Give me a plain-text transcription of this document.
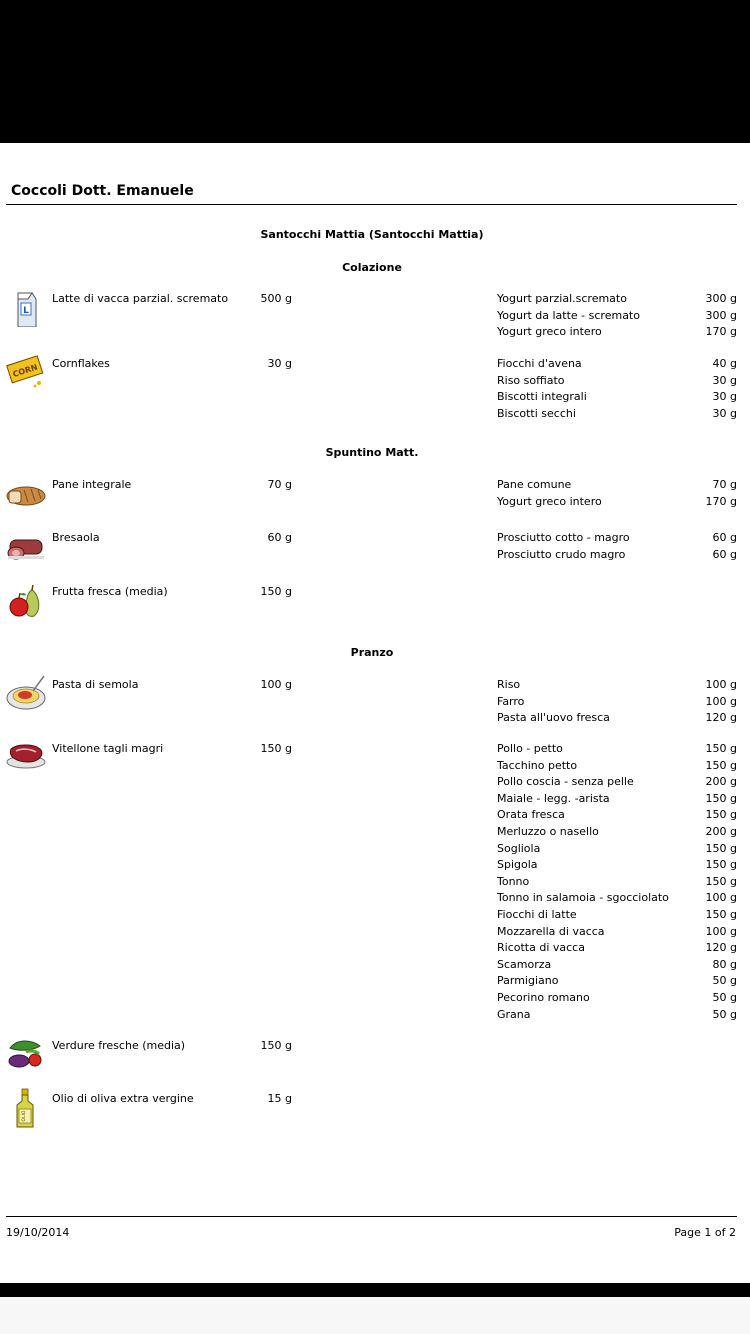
Coccoli Dott. Emanuele
Santocchi Mattia (Santocchi Mattia)
Colazione
Spuntino Matt.
Pranzo
L
Latte di vacca parzial. scremato	500 g	Yogurt parzial.scremato	300 g
Yogurt da latte - scremato	300 g
Yogurt greco intero	170 g
CORN Cornflakes	30 g	Fiocchi d'avena	40 g
Riso soffiato	30 g
Biscotti integrali	30 g
Biscotti secchi	30 g
Pane integrale	70 g	Pane comune	70 g
Yogurt greco intero	170 g
Bresaola	60 g	Prosciutto cotto - magro	60 g
Prosciutto crudo magro	60 g
Frutta fresca (media)	150 g
Pasta di semola	100 g	Riso	100 g
Farro	100 g
Pasta all'uovo fresca	120 g
Vitellone tagli magri	150 g	Pollo - petto	150 g
Tacchino petto	150 g
Pollo coscia - senza pelle	200 g
Maiale - legg. -arista	150 g
Orata fresca	150 g
Merluzzo o nasello	200 g
Sogliola	150 g
Spigola	150 g
Tonno	150 g
Tonno in salamoia - sgocciolato	100 g
Fiocchi di latte	150 g
Mozzarella di vacca	100 g
Ricotta di vacca	120 g
Scamorza	80 g
Parmigiano	50 g
Pecorino romano	50 g
Grana	50 g
Verdure fresche (media)	150 g
OLIO
Olio di oliva extra vergine	15 g
19/10/2014	Page 1 of 2
